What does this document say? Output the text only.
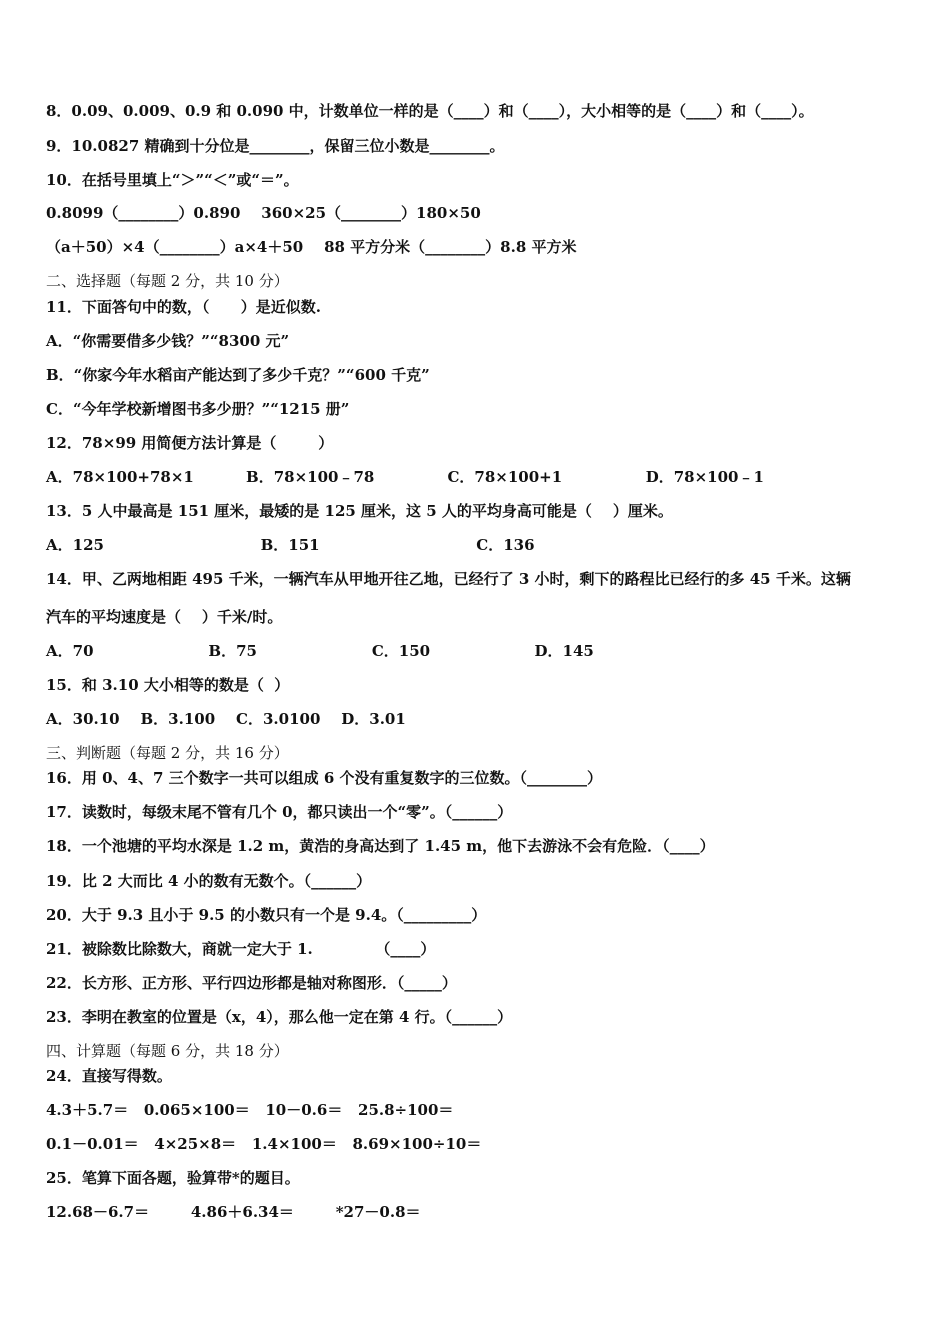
8．0.09、0.009、0.9 和 0.090 中，计数单位一样的是（____）和（____），大小相等的是（____）和（____）。
9．10.0827 精确到十分位是________，保留三位小数是________。
10．在括号里填上“＞”“＜”或“＝”。
0.8099（________）0.890    360×25（________）180×50
（a＋50）×4（________）a×4＋50    88 平方分米（________）8.8 平方米
二、选择题（每题 2 分，共 10 分）
11．下面答句中的数，（      ）是近似数.
A．“你需要借多少钱？”“8300 元”
B．“你家今年水稻亩产能达到了多少千克？”“600 千克”
C．“今年学校新增图书多少册？”“1215 册”
12．78×99 用简便方法计算是（        ）
A．78×100+78×1          B．78×100﹣78              C．78×100+1                D．78×100﹣1
13．5 人中最高是 151 厘米，最矮的是 125 厘米，这 5 人的平均身高可能是（    ）厘米。
A．125                              B．151                              C．136
14．甲、乙两地相距 495 千米，一辆汽车从甲地开往乙地，已经行了 3 小时，剩下的路程比已经行的多 45 千米。这辆
汽车的平均速度是（    ）千米/时。
A．70                      B．75                      C．150                    D．145
15．和 3.10 大小相等的数是（  ）
A．30.10    B．3.100    C．3.0100    D．3.01
三、判断题（每题 2 分，共 16 分）
16．用 0、4、7 三个数字一共可以组成 6 个没有重复数字的三位数。（________）
17．读数时，每级末尾不管有几个 0，都只读出一个“零”。（______）
18．一个池塘的平均水深是 1.2 m，黄浩的身高达到了 1.45 m，他下去游泳不会有危险．（____）
19．比 2 大而比 4 小的数有无数个。（______）
20．大于 9.3 且小于 9.5 的小数只有一个是 9.4。（_________）
21．被除数比除数大，商就一定大于 1.            （____）
22．长方形、正方形、平行四边形都是轴对称图形．（_____）
23．李明在教室的位置是（x，4），那么他一定在第 4 行。（______）
四、计算题（每题 6 分，共 18 分）
24．直接写得数。
4.3＋5.7＝   0.065×100＝   10－0.6＝   25.8÷100＝
0.1－0.01＝   4×25×8＝   1.4×100＝   8.69×100÷10＝
25．笔算下面各题，验算带*的题目。
12.68－6.7＝        4.86＋6.34＝        *27－0.8＝
